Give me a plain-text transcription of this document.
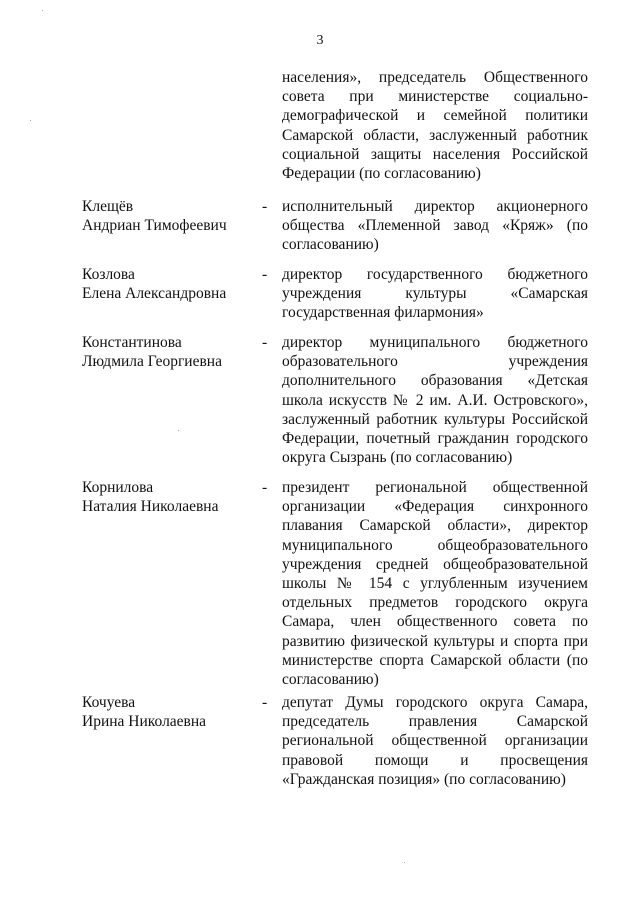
3
населения», председатель Общественного совета при министерстве социально-демографической и семейной политики Самарской области, заслуженный работник социальной защиты населения Российской Федерации (по согласованию)
Клещёв
Андриан Тимофеевич
- исполнительный директор акционерного общества «Племенной завод «Кряж» (по согласованию)
Козлова
Елена Александровна
- директор государственного бюджетного учреждения культуры «Самарская государственная филармония»
Константинова
Людмила Георгиевна
- директор муниципального бюджетного образовательного учреждения дополнительного образования «Детская школа искусств № 2 им. А.И. Островского», заслуженный работник культуры Российской Федерации, почетный гражданин городского округа Сызрань (по согласованию)
Корнилова
Наталия Николаевна
- президент региональной общественной организации «Федерация синхронного плавания Самарской области», директор муниципального общеобразовательного учреждения средней общеобразовательной школы № 154 с углубленным изучением отдельных предметов городского округа Самара, член общественного совета по развитию физической культуры и спорта при министерстве спорта Самарской области (по согласованию)
Кочуева
Ирина Николаевна
- депутат Думы городского округа Самара, председатель правления Самарской региональной общественной организации правовой помощи и просвещения «Гражданская позиция» (по согласованию)
